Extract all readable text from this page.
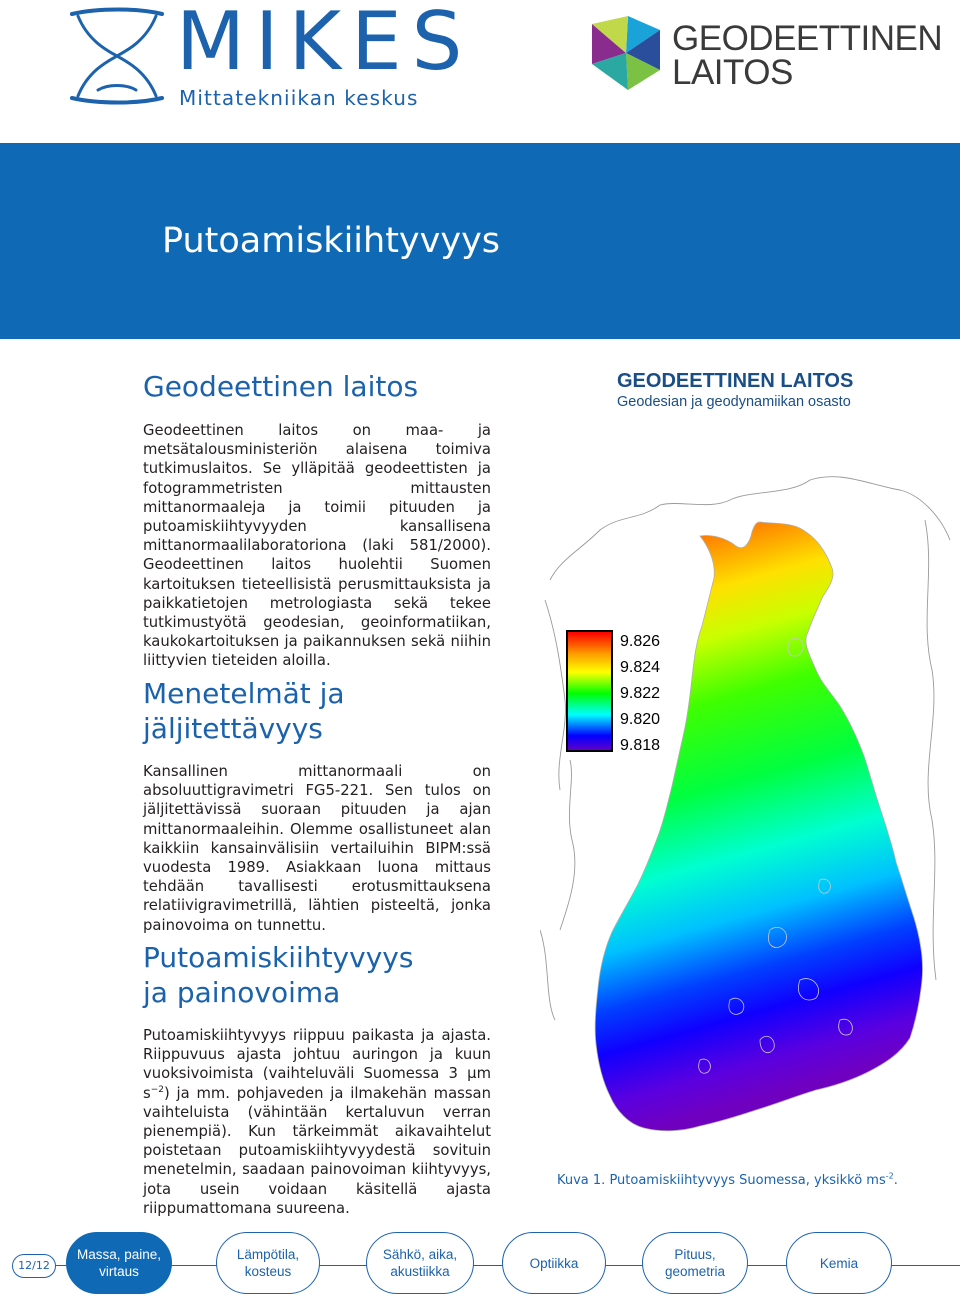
MIKES
Mittatekniikan keskus
GEODEETTINEN
LAITOS
Putoamiskiihtyvyys
Geodeettinen laitos

Geodeettinen laitos on maa- ja metsätalousministeriön alaisena toimiva tutkimuslaitos. Se ylläpitää geodeettisten ja fotogrammetristen mittausten mittanormaaleja ja toimii pituuden ja putoamiskiihtyvyyden kansallisena mittanormaalilaboratoriona (laki 581/2000). Geodeettinen laitos huolehtii Suomen kartoituksen tieteellisistä perusmittauksista ja paikkatietojen metrologiasta sekä tekee tutkimustyötä geodesian, geoinformatiikan, kaukokartoituksen ja paikannuksen sekä niihin liittyvien tieteiden aloilla.

Menetelmät ja jäljitettävyys

Kansallinen mittanormaali on absoluuttigravimetri FG5-221. Sen tulos on jäljitettävissä suoraan pituuden ja ajan mittanormaaleihin. Olemme osallistuneet alan kaikkiin kansainvälisiin vertailuihin BIPM:ssä vuodesta 1989. Asiakkaan luona mittaus tehdään tavallisesti erotusmittauksena relatiivigravimetrillä, lähtien pisteeltä, jonka painovoima on tunnettu.

Putoamiskiihtyvyys ja painovoima

Putoamiskiihtyvyys riippuu paikasta ja ajasta. Riippuvuus ajasta johtuu auringon ja kuun vuoksivoimista (vaihteluväli Suomessa 3 µm $s^{-2}$) ja mm. pohjaveden ja ilmakehän massan vaihteluista (vähintään kertaluvun verran pienempiä). Kun tärkeimmät aikavaihtelut poistetaan putoamiskiihtyvyydestä sovituin menetelmin, saadaan painovoiman kiihtyvyys, jota usein voidaan käsitellä ajasta riippumattomana suureena.

GEODEETTINEN LAITOS
Geodesian ja geodynamiikan osasto
9.826
9.824
9.822
9.820
9.818
Kuva 1. Putoamiskiihtyvyys Suomessa, yksikkö $ms^{-2}$.
12/12
Massa, paine, virtaus
Lämpötila, kosteus
Sähkö, aika, akustiikka
Optiikka
Pituus, geometria
Kemia
